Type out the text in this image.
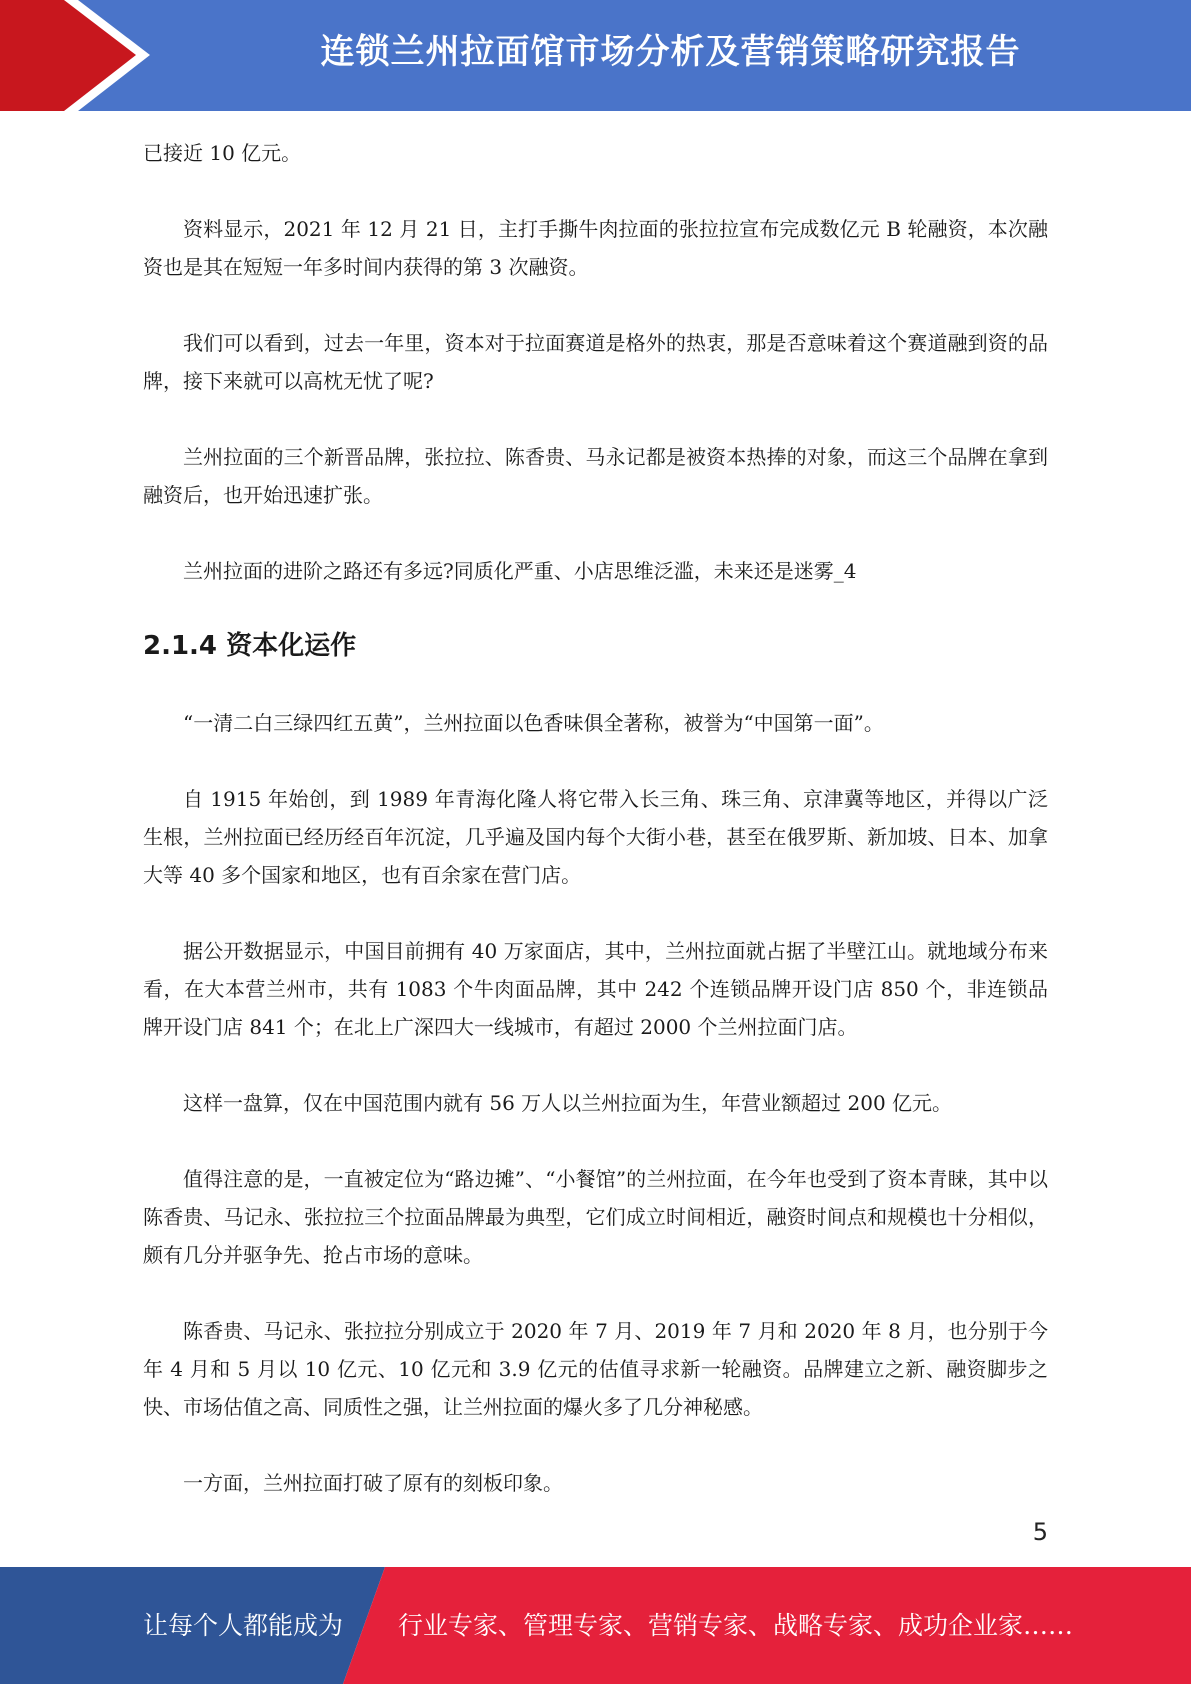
连锁兰州拉面馆市场分析及营销策略研究报告

已接近 10 亿元。

资料显示，2021 年 12 月 21 日，主打手撕牛肉拉面的张拉拉宣布完成数亿元 B 轮融资，本次融资也是其在短短一年多时间内获得的第 3 次融资。

我们可以看到，过去一年里，资本对于拉面赛道是格外的热衷，那是否意味着这个赛道融到资的品牌，接下来就可以高枕无忧了呢?

兰州拉面的三个新晋品牌，张拉拉、陈香贵、马永记都是被资本热捧的对象，而这三个品牌在拿到融资后，也开始迅速扩张。

兰州拉面的进阶之路还有多远?同质化严重、小店思维泛滥，未来还是迷雾_4

2.1.4 资本化运作

“一清二白三绿四红五黄”，兰州拉面以色香味俱全著称，被誉为“中国第一面”。

自 1915 年始创，到 1989 年青海化隆人将它带入长三角、珠三角、京津冀等地区，并得以广泛生根，兰州拉面已经历经百年沉淀，几乎遍及国内每个大街小巷，甚至在俄罗斯、新加坡、日本、加拿大等 40 多个国家和地区，也有百余家在营门店。

据公开数据显示，中国目前拥有 40 万家面店，其中，兰州拉面就占据了半壁江山。就地域分布来看，在大本营兰州市，共有 1083 个牛肉面品牌，其中 242 个连锁品牌开设门店 850 个，非连锁品牌开设门店 841 个；在北上广深四大一线城市，有超过 2000 个兰州拉面门店。

这样一盘算，仅在中国范围内就有 56 万人以兰州拉面为生，年营业额超过 200 亿元。

值得注意的是，一直被定位为“路边摊”、“小餐馆”的兰州拉面，在今年也受到了资本青睐，其中以陈香贵、马记永、张拉拉三个拉面品牌最为典型，它们成立时间相近，融资时间点和规模也十分相似，颇有几分并驱争先、抢占市场的意味。

陈香贵、马记永、张拉拉分别成立于 2020 年 7 月、2019 年 7 月和 2020 年 8 月，也分别于今年 4 月和 5 月以 10 亿元、10 亿元和 3.9 亿元的估值寻求新一轮融资。品牌建立之新、融资脚步之快、市场估值之高、同质性之强，让兰州拉面的爆火多了几分神秘感。

一方面，兰州拉面打破了原有的刻板印象。

5
让每个人都能成为 行业专家、管理专家、营销专家、战略专家、成功企业家……
